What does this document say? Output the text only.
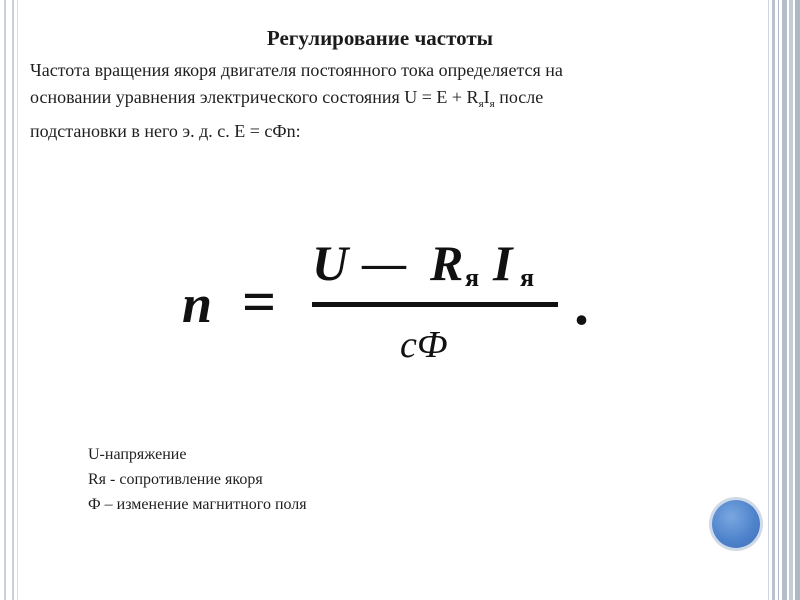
Регулирование частоты
Частота вращения якоря двигателя постоянного тока определяется на
основании уравнения электрического состояния $U = E + R_яI_я$ после
подстановки в него э. д. с. E = cФn:
n =
U — R я I я
cФ
.
U-напряжение
Rя - сопротивление якоря
Ф – изменение магнитного поля
